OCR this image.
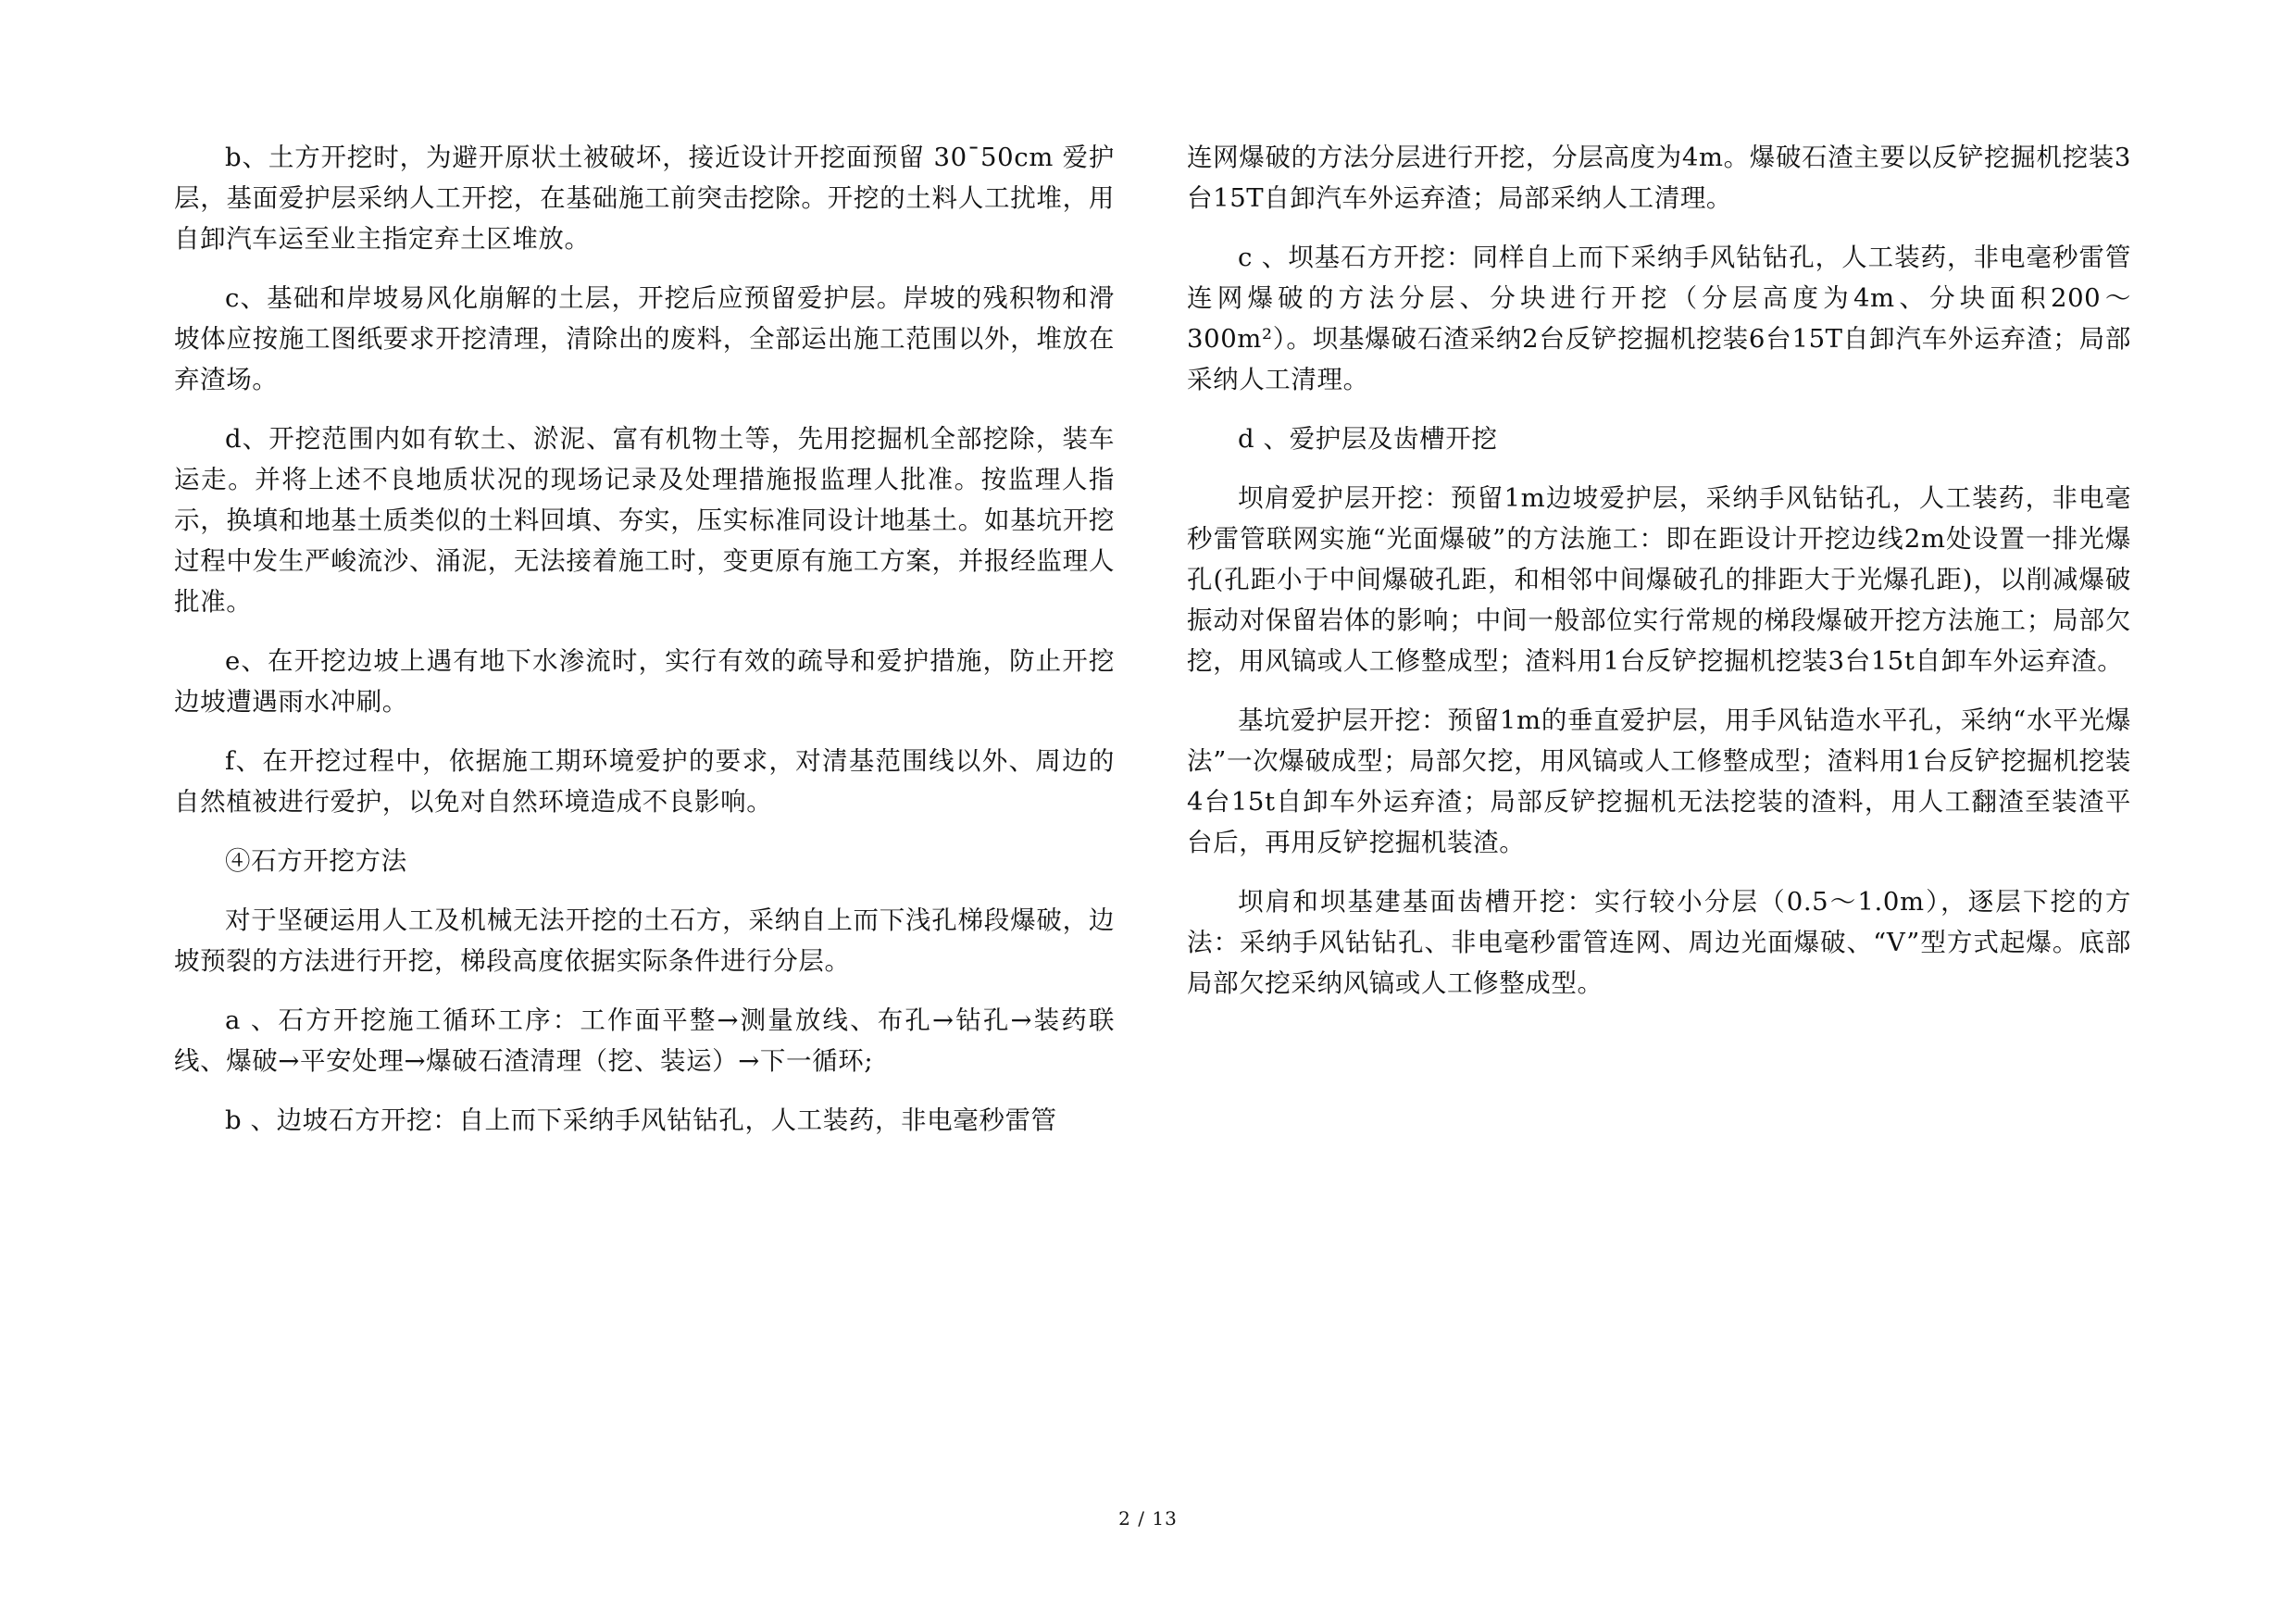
b、土方开挖时，为避开原状土被破坏，接近设计开挖面预留 30¯50cm 爱护层，基面爱护层采纳人工开挖，在基础施工前突击挖除。开挖的土料人工扰堆，用自卸汽车运至业主指定弃土区堆放。

c、基础和岸坡易风化崩解的土层，开挖后应预留爱护层。岸坡的残积物和滑坡体应按施工图纸要求开挖清理，清除出的废料，全部运出施工范围以外，堆放在弃渣场。

d、开挖范围内如有软土、淤泥、富有机物土等，先用挖掘机全部挖除，装车运走。并将上述不良地质状况的现场记录及处理措施报监理人批准。按监理人指示，换填和地基土质类似的土料回填、夯实，压实标准同设计地基土。如基坑开挖过程中发生严峻流沙、涌泥，无法接着施工时，变更原有施工方案，并报经监理人批准。

e、在开挖边坡上遇有地下水渗流时，实行有效的疏导和爱护措施，防止开挖边坡遭遇雨水冲刷。

f、在开挖过程中，依据施工期环境爱护的要求，对清基范围线以外、周边的自然植被进行爱护，以免对自然环境造成不良影响。

④石方开挖方法

对于坚硬运用人工及机械无法开挖的土石方，采纳自上而下浅孔梯段爆破，边坡预裂的方法进行开挖，梯段高度依据实际条件进行分层。

a 、石方开挖施工循环工序：工作面平整→测量放线、布孔→钻孔→装药联线、爆破→平安处理→爆破石渣清理（挖、装运）→下一循环;

b 、边坡石方开挖：自上而下采纳手风钻钻孔，人工装药，非电毫秒雷管

连网爆破的方法分层进行开挖，分层高度为4m。爆破石渣主要以反铲挖掘机挖装3台15T自卸汽车外运弃渣；局部采纳人工清理。

c 、坝基石方开挖：同样自上而下采纳手风钻钻孔，人工装药，非电毫秒雷管连网爆破的方法分层、分块进行开挖（分层高度为4m、分块面积200～300m²）。坝基爆破石渣采纳2台反铲挖掘机挖装6台15T自卸汽车外运弃渣；局部采纳人工清理。

d 、爱护层及齿槽开挖

坝肩爱护层开挖：预留1m边坡爱护层，采纳手风钻钻孔，人工装药，非电毫秒雷管联网实施“光面爆破”的方法施工：即在距设计开挖边线2m处设置一排光爆孔(孔距小于中间爆破孔距，和相邻中间爆破孔的排距大于光爆孔距)，以削减爆破振动对保留岩体的影响；中间一般部位实行常规的梯段爆破开挖方法施工；局部欠挖，用风镐或人工修整成型；渣料用1台反铲挖掘机挖装3台15t自卸车外运弃渣。

基坑爱护层开挖：预留1m的垂直爱护层，用手风钻造水平孔，采纳“水平光爆法”一次爆破成型；局部欠挖，用风镐或人工修整成型；渣料用1台反铲挖掘机挖装4台15t自卸车外运弃渣；局部反铲挖掘机无法挖装的渣料，用人工翻渣至装渣平台后，再用反铲挖掘机装渣。

坝肩和坝基建基面齿槽开挖：实行较小分层（0.5～1.0m），逐层下挖的方法：采纳手风钻钻孔、非电毫秒雷管连网、周边光面爆破、“V”型方式起爆。底部局部欠挖采纳风镐或人工修整成型。

2 / 13
